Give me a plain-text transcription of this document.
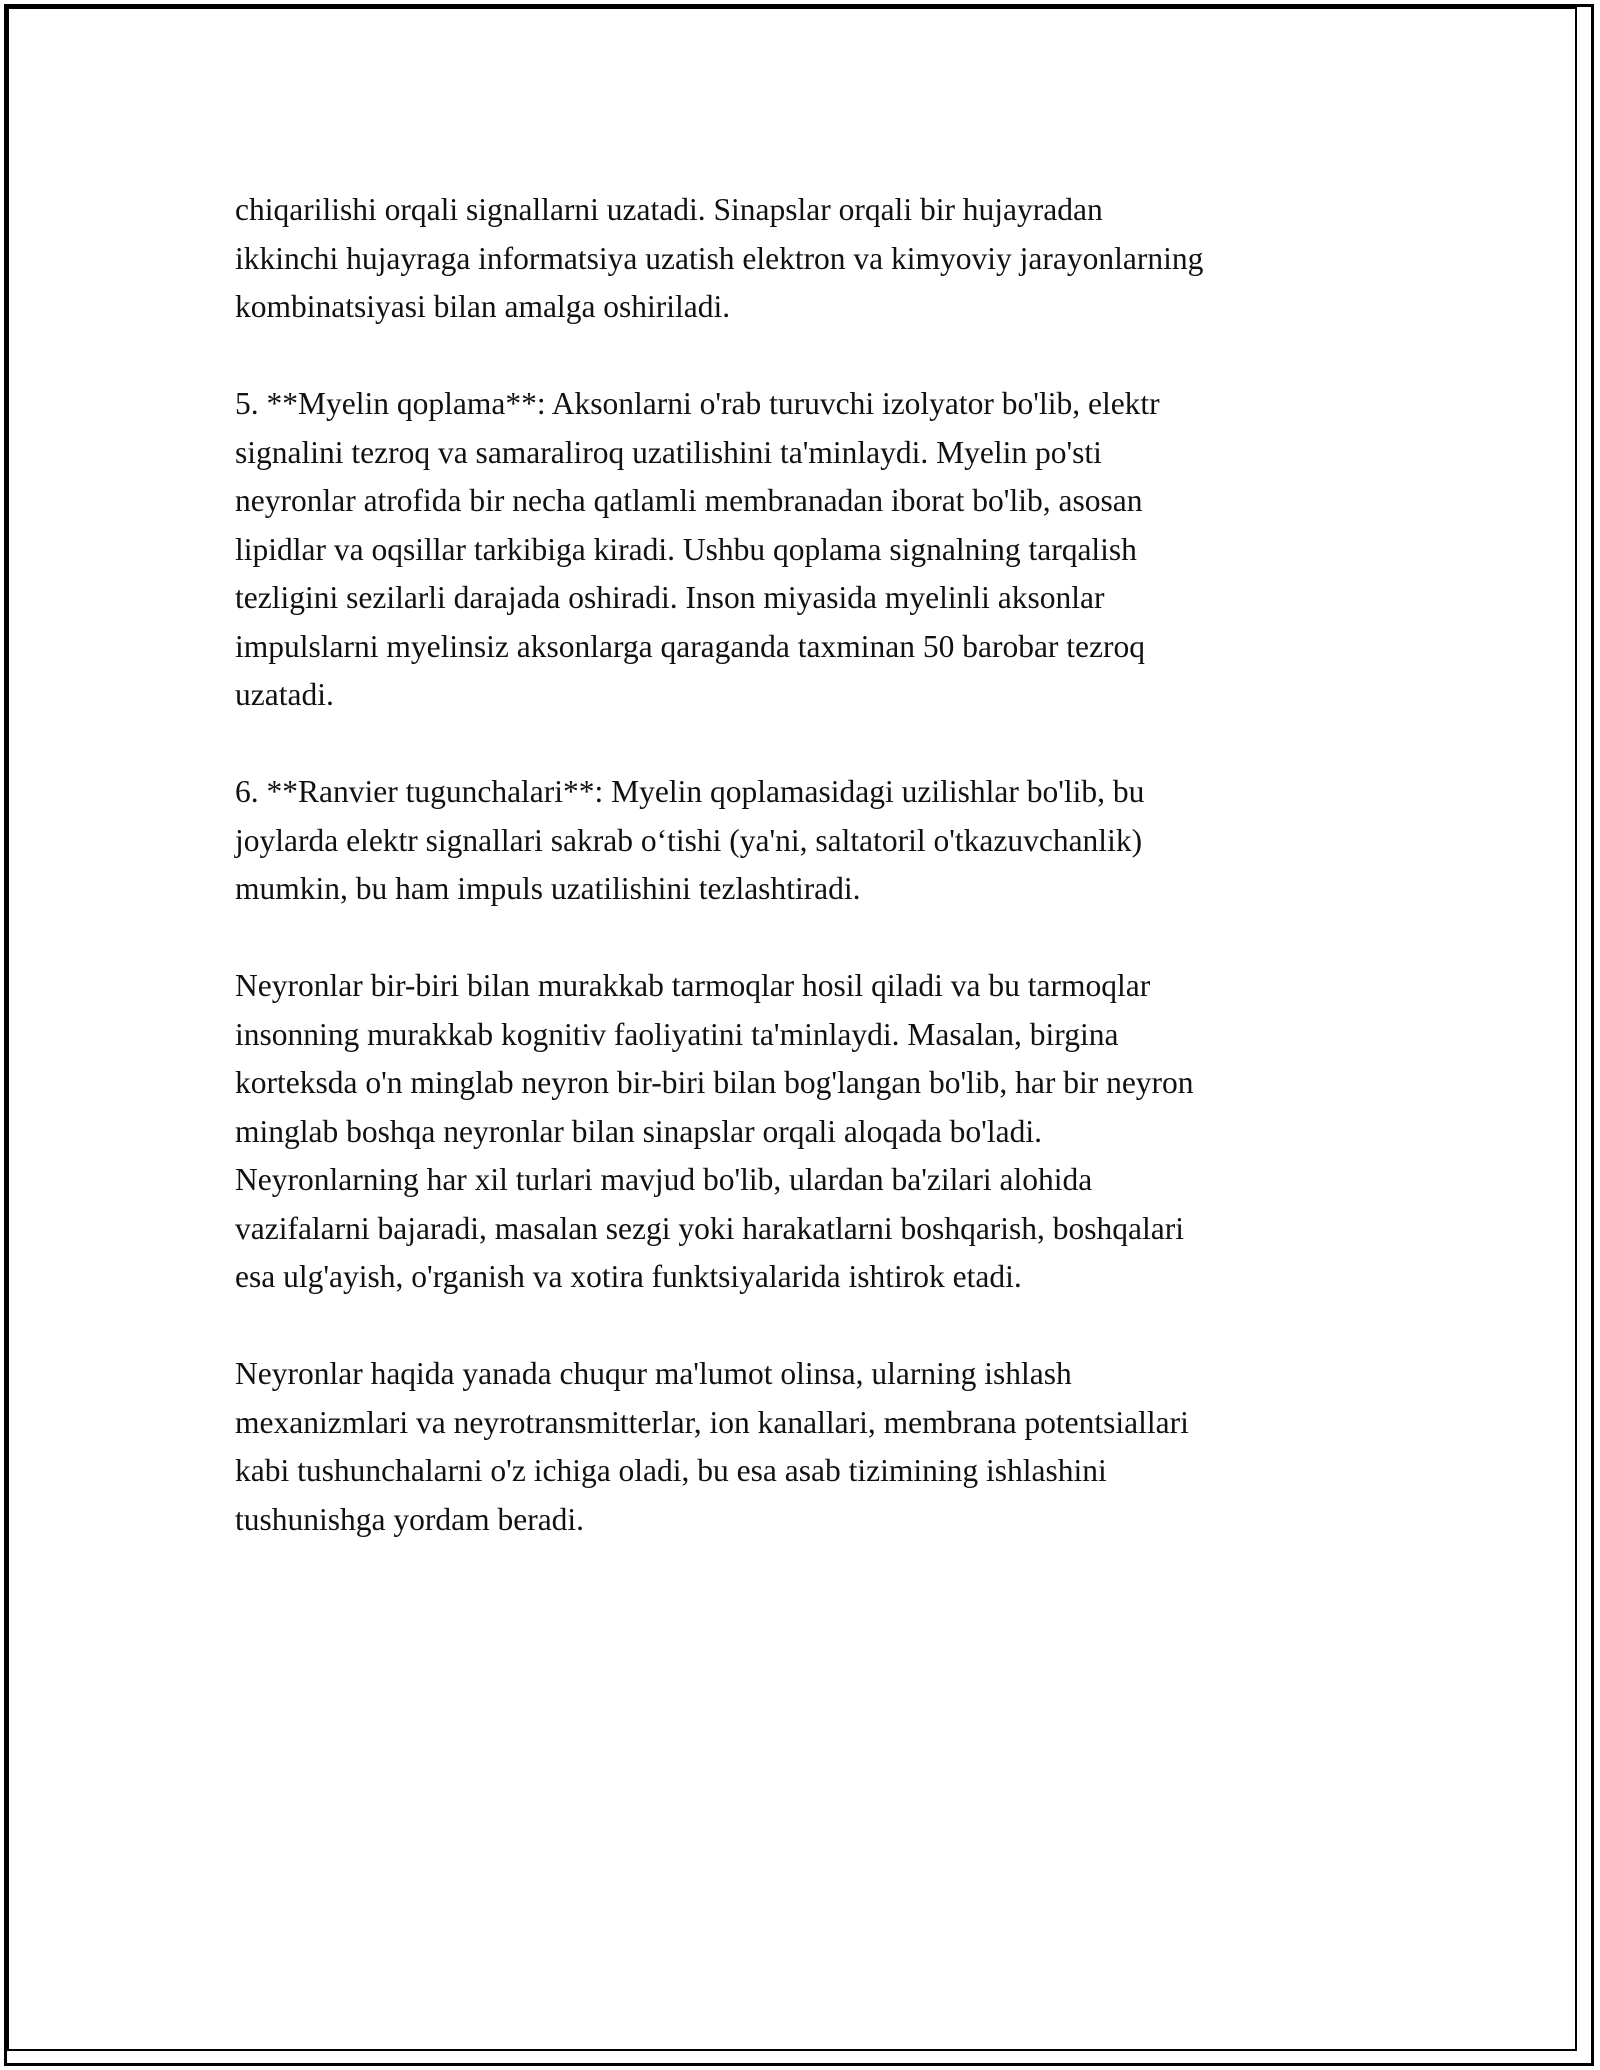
chiqarilishi orqali signallarni uzatadi. Sinapslar orqali bir hujayradan
ikkinchi hujayraga informatsiya uzatish elektron va kimyoviy jarayonlarning
kombinatsiyasi bilan amalga oshiriladi.

5. **Myelin qoplama**: Aksonlarni o'rab turuvchi izolyator bo'lib, elektr
signalini tezroq va samaraliroq uzatilishini ta'minlaydi. Myelin po'sti
neyronlar atrofida bir necha qatlamli membranadan iborat bo'lib, asosan
lipidlar va oqsillar tarkibiga kiradi. Ushbu qoplama signalning tarqalish
tezligini sezilarli darajada oshiradi. Inson miyasida myelinli aksonlar
impulslarni myelinsiz aksonlarga qaraganda taxminan 50 barobar tezroq
uzatadi.

6. **Ranvier tugunchalari**: Myelin qoplamasidagi uzilishlar bo'lib, bu
joylarda elektr signallari sakrab o‘tishi (ya'ni, saltatoril o'tkazuvchanlik)
mumkin, bu ham impuls uzatilishini tezlashtiradi.

Neyronlar bir-biri bilan murakkab tarmoqlar hosil qiladi va bu tarmoqlar
insonning murakkab kognitiv faoliyatini ta'minlaydi. Masalan, birgina
korteksda o'n minglab neyron bir-biri bilan bog'langan bo'lib, har bir neyron
minglab boshqa neyronlar bilan sinapslar orqali aloqada bo'ladi.
Neyronlarning har xil turlari mavjud bo'lib, ulardan ba'zilari alohida
vazifalarni bajaradi, masalan sezgi yoki harakatlarni boshqarish, boshqalari
esa ulg'ayish, o'rganish va xotira funktsiyalarida ishtirok etadi.

Neyronlar haqida yanada chuqur ma'lumot olinsa, ularning ishlash
mexanizmlari va neyrotransmitterlar, ion kanallari, membrana potentsiallari
kabi tushunchalarni o'z ichiga oladi, bu esa asab tizimining ishlashini
tushunishga yordam beradi.
